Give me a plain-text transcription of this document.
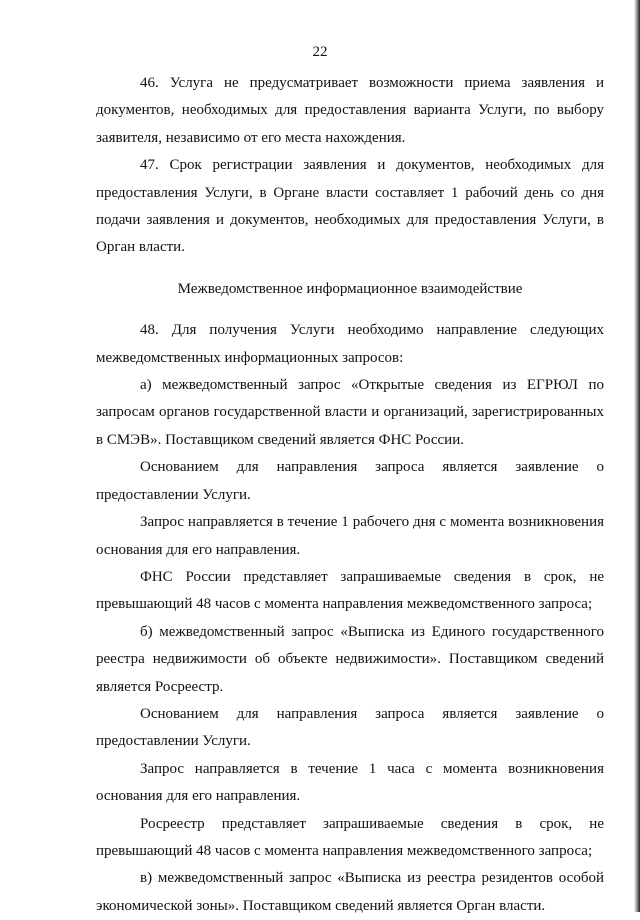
22

46. Услуга не предусматривает возможности приема заявления и документов, необходимых для предоставления варианта Услуги, по выбору заявителя, независимо от его места нахождения.

47. Срок регистрации заявления и документов, необходимых для предоставления Услуги, в Органе власти составляет 1 рабочий день со дня подачи заявления и документов, необходимых для предоставления Услуги, в Орган власти.

Межведомственное информационное взаимодействие

48. Для получения Услуги необходимо направление следующих межведомственных информационных запросов:

а) межведомственный запрос «Открытые сведения из ЕГРЮЛ по запросам органов государственной власти и организаций, зарегистрированных в СМЭВ». Поставщиком сведений является ФНС России.

Основанием для направления запроса является заявление о предоставлении Услуги.

Запрос направляется в течение 1 рабочего дня с момента возникновения основания для его направления.

ФНС России представляет запрашиваемые сведения в срок, не превышающий 48 часов с момента направления межведомственного запроса;

б) межведомственный запрос «Выписка из Единого государственного реестра недвижимости об объекте недвижимости». Поставщиком сведений является Росреестр.

Основанием для направления запроса является заявление о предоставлении Услуги.

Запрос направляется в течение 1 часа с момента возникновения основания для его направления.

Росреестр представляет запрашиваемые сведения в срок, не превышающий 48 часов с момента направления межведомственного запроса;

в) межведомственный запрос «Выписка из реестра резидентов особой экономической зоны». Поставщиком сведений является Орган власти.
